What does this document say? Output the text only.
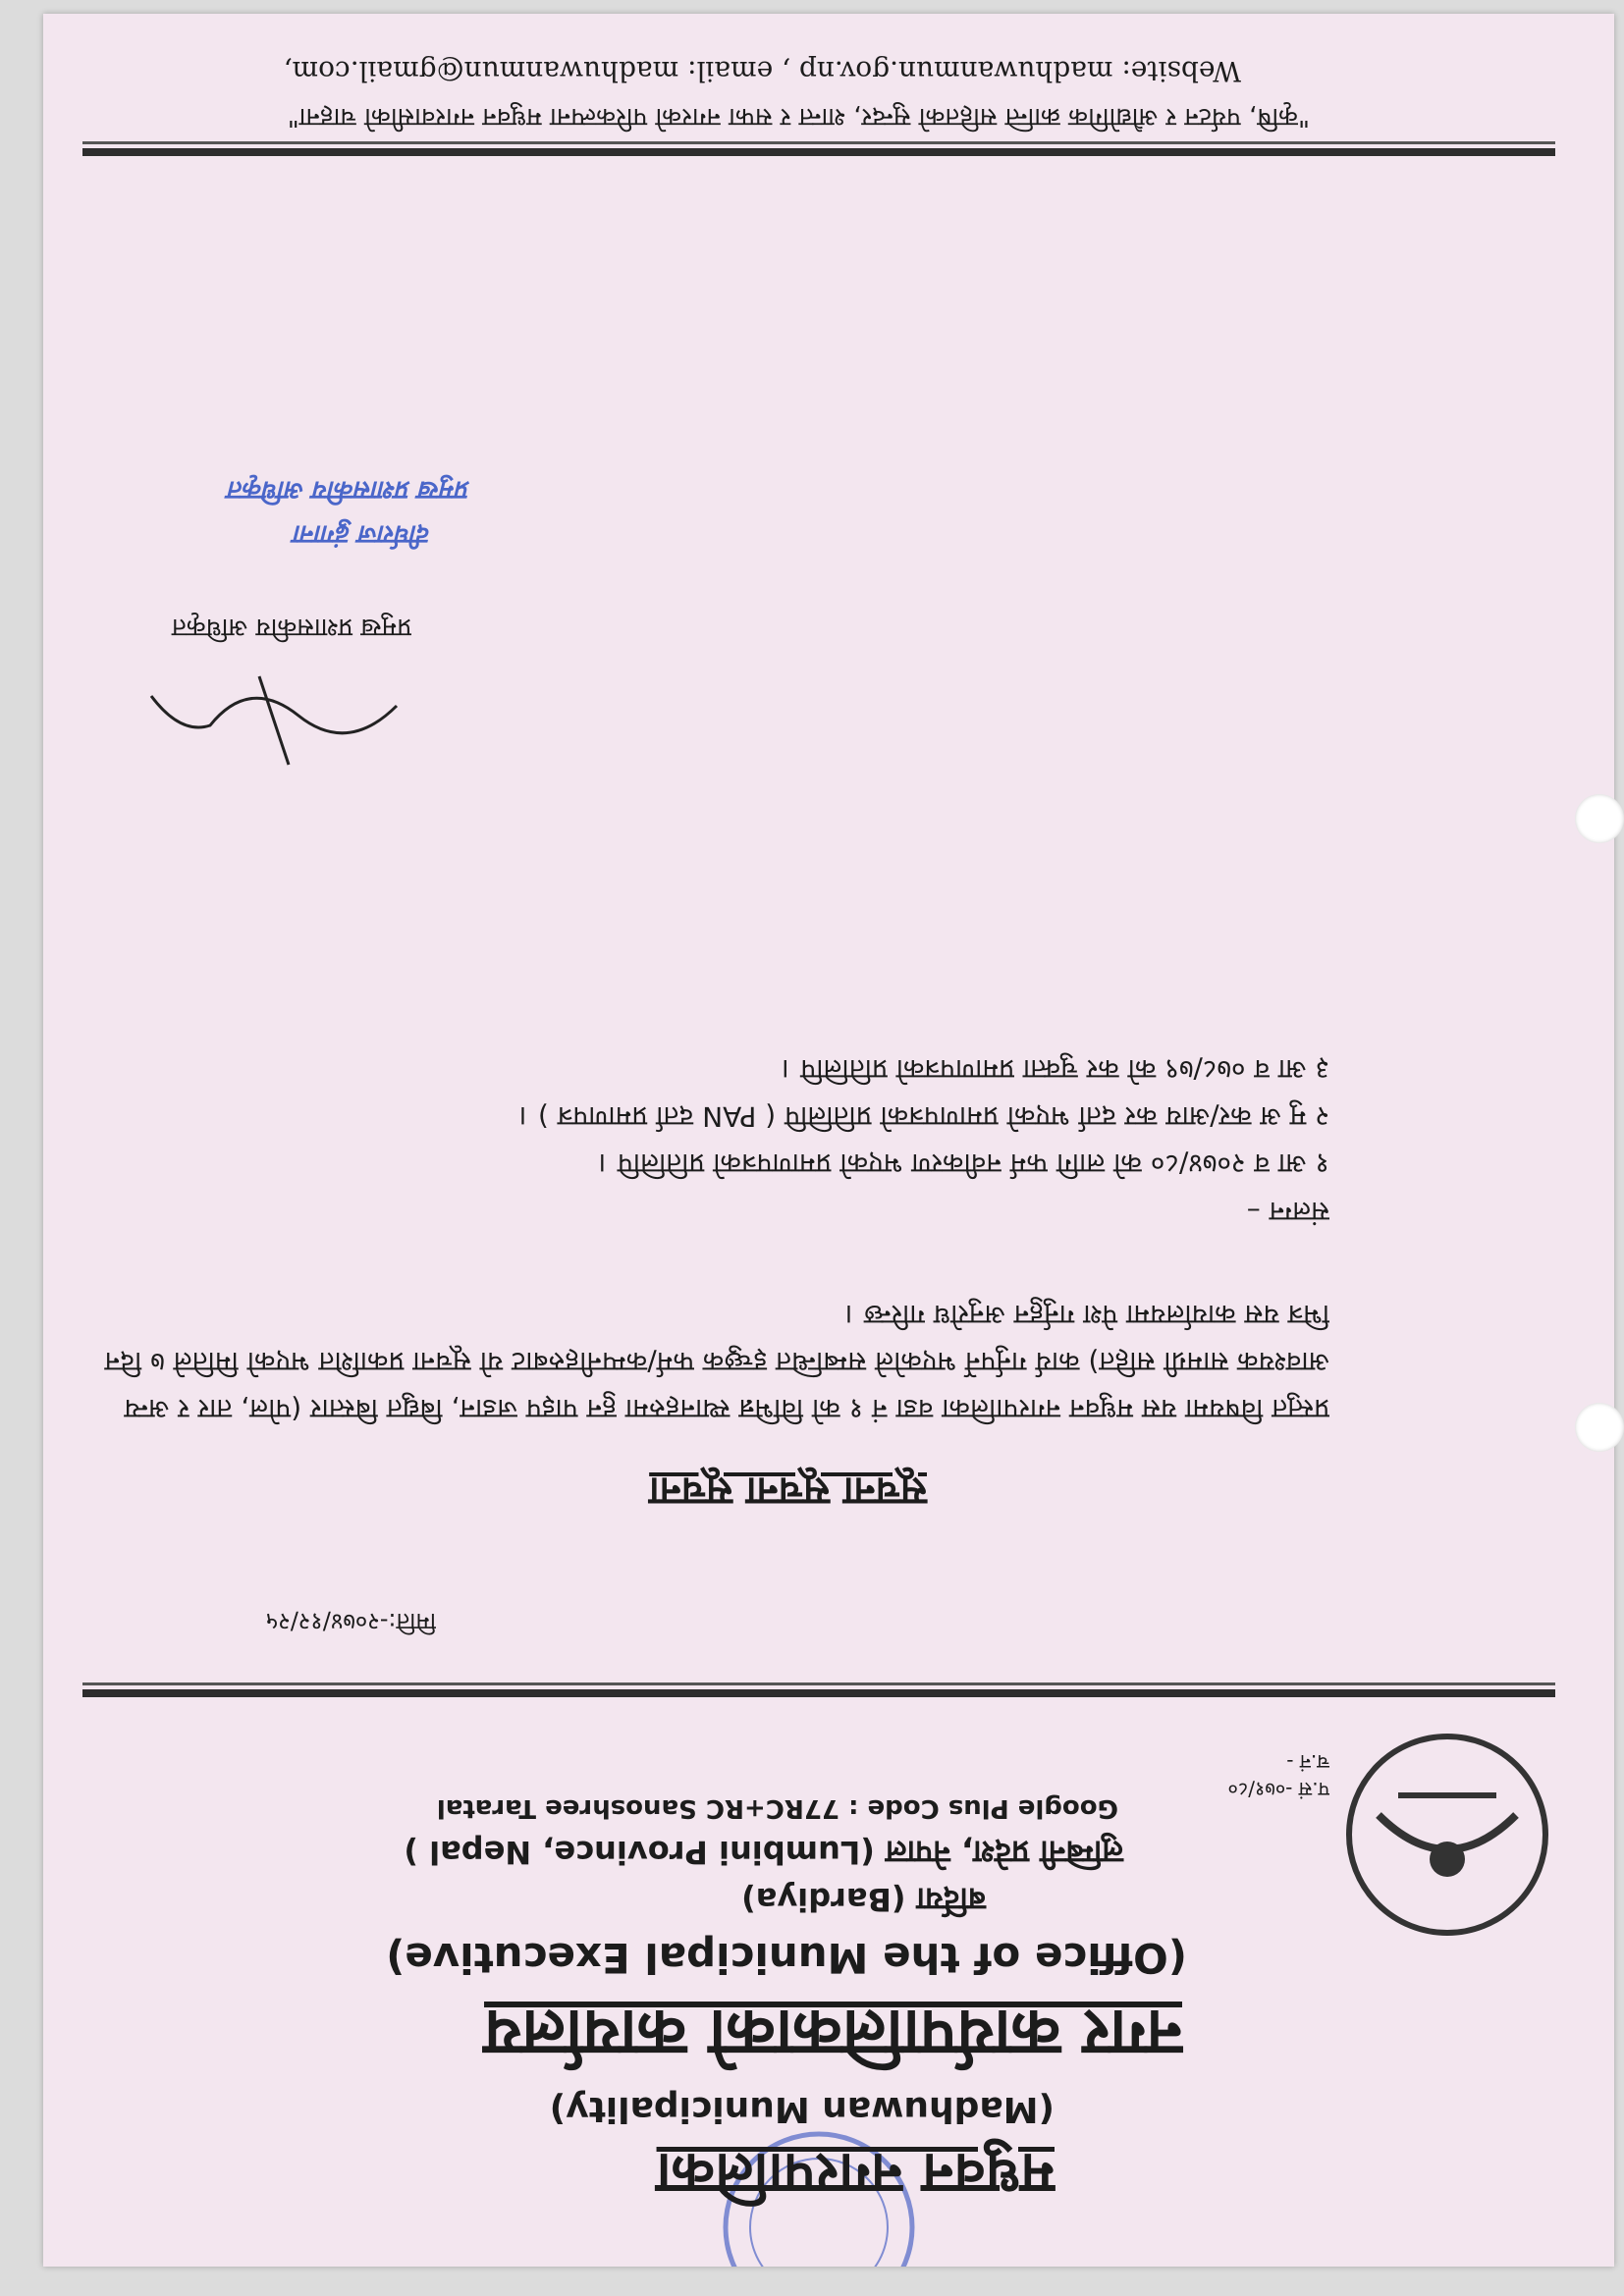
मधुवन नगरपालिका
(Madhuwan Municipality)
नगर कार्यपालिकाको कार्यालय
(Office of the Municipal Executive)
बर्दिया (Bardiya)
लुम्बिनी प्रदेश, नेपाल (Lumbini Province, Nepal )
Google Plus Code : 77RC+RC Sanoshree Taratal
प.सं -०७१/८०
च.नं -
मिति:-२०७४/१२/२५
सूचना सूचना सूचना
प्रस्तुत विषयमा यस मधुवन नगरपालिका वडा नं १ को विभिन्न स्थानहरुमा हुन पाइप जडान, बिद्युत बिस्तार (पोल, तार र अन्य आवश्यक सामग्री सहित) कार्य गर्नुपर्ने भएकोले सम्बन्धित इच्छुक फर्म/कम्पनीहरुबाट यो सूचना प्रकाशित भएको मितिले ७ दिन भित्र यस कार्यालयमा पेश गर्नुहुन अनुरोध गरिन्छ ।
संलग्न –
१ आ व २०७४/८० को लागि फर्म नवीकरण भएको प्रमाणपत्रको प्रतिलिपि ।
२ मु अ कर/आय कर दर्ता भएको प्रमाणपत्रको प्रतिलिपि ( PAN दर्ता प्रमाणपत्र ) ।
३ आ व ०७८/७९ को कर चुक्ता प्रमाणपत्रको प्रतिलिपि ।
प्रमुख प्रशासकीय अधिकृत
दीर्घराज ढुंगाना
प्रमुख प्रशासकीय अधिकृत
"कृषि, पर्यटन र औद्योगिक क्रान्ति सहितको सुन्दर, शान्त र सफा नगरको परिकल्पना मधुवन नगरवासीको चाहना"
Website: madhuwanmun.gov.np , email: madhuwanmun@gmail.com,
